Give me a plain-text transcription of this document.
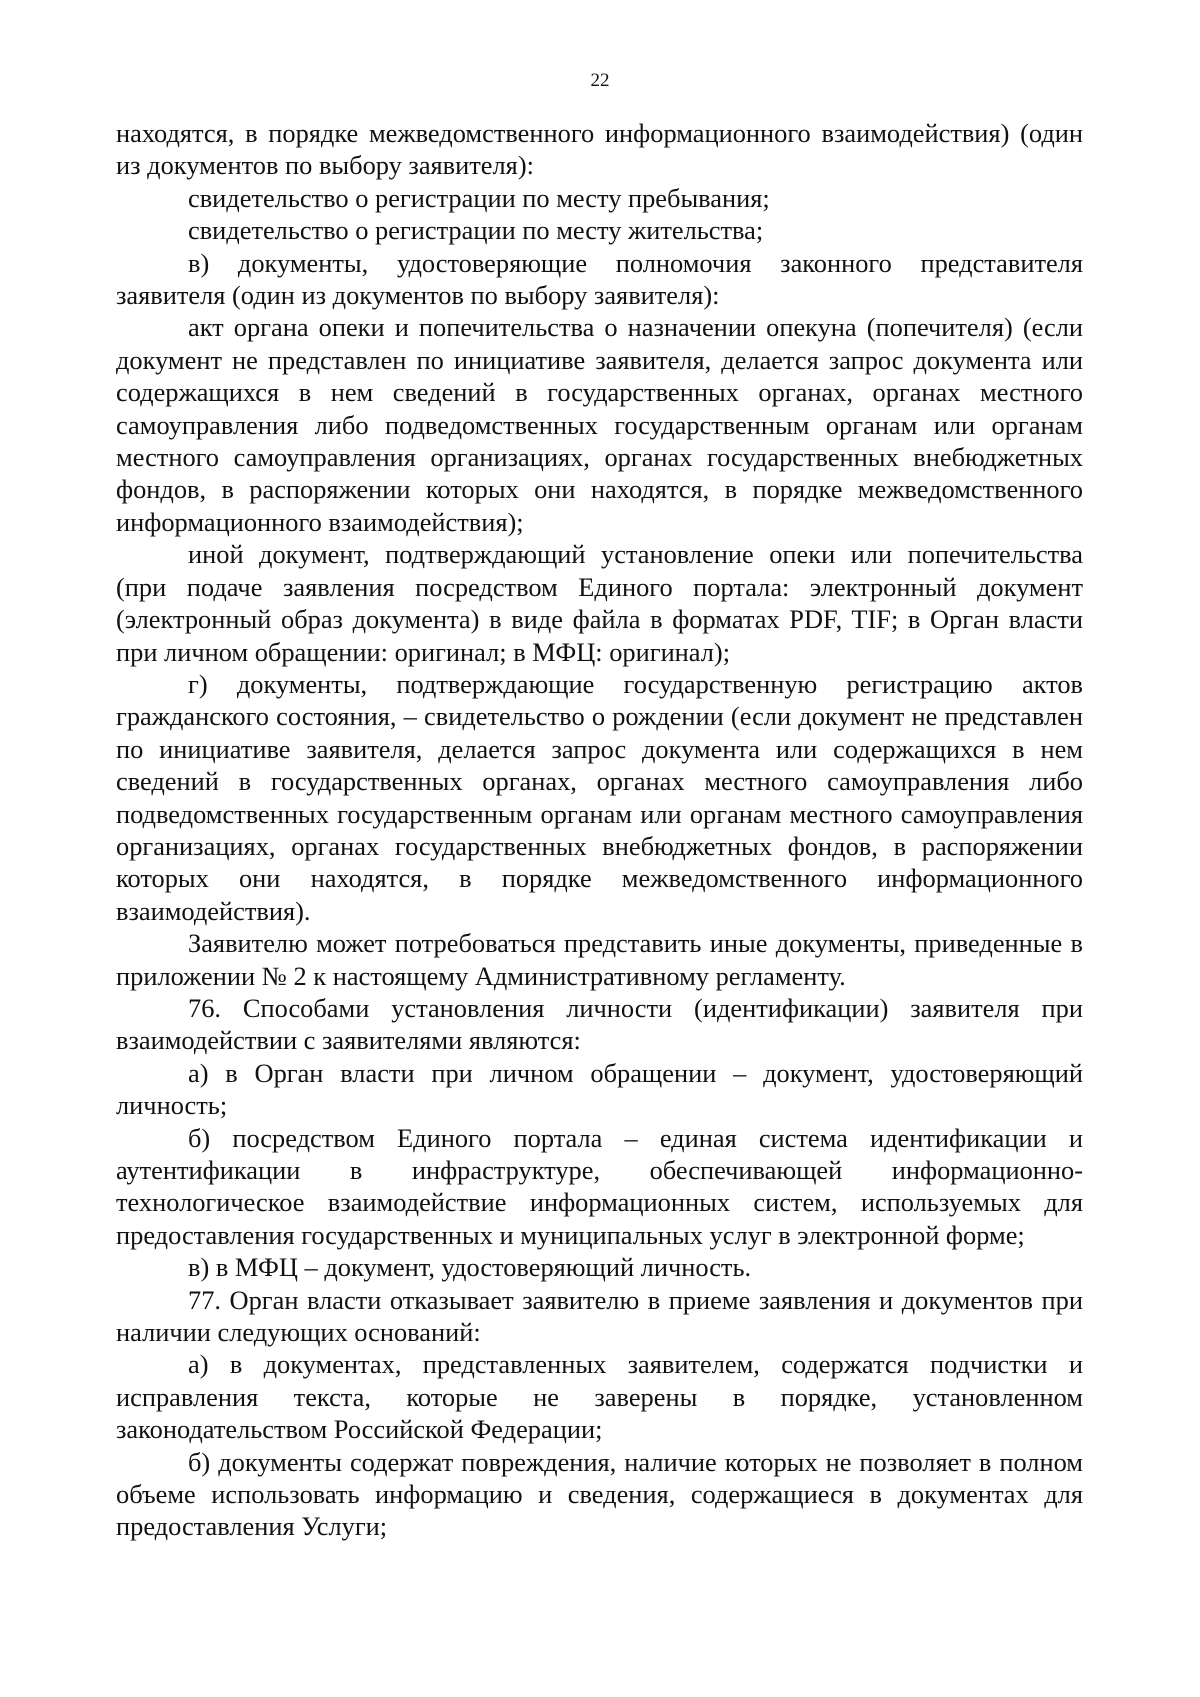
22

находятся, в порядке межведомственного информационного взаимодействия) (один из документов по выбору заявителя):

свидетельство о регистрации по месту пребывания;

свидетельство о регистрации по месту жительства;

в) документы, удостоверяющие полномочия законного представителя заявителя (один из документов по выбору заявителя):

акт органа опеки и попечительства о назначении опекуна (попечителя) (если документ не представлен по инициативе заявителя, делается запрос документа или содержащихся в нем сведений в государственных органах, органах местного самоуправления либо подведомственных государственным органам или органам местного самоуправления организациях, органах государственных внебюджетных фондов, в распоряжении которых они находятся, в порядке межведомственного информационного взаимодействия);

иной документ, подтверждающий установление опеки или попечительства (при подаче заявления посредством Единого портала: электронный документ (электронный образ документа) в виде файла в форматах PDF, TIF; в Орган власти при личном обращении: оригинал; в МФЦ: оригинал);

г) документы, подтверждающие государственную регистрацию актов гражданского состояния, – свидетельство о рождении (если документ не представлен по инициативе заявителя, делается запрос документа или содержащихся в нем сведений в государственных органах, органах местного самоуправления либо подведомственных государственным органам или органам местного самоуправления организациях, органах государственных внебюджетных фондов, в распоряжении которых они находятся, в порядке межведомственного информационного взаимодействия).

Заявителю может потребоваться представить иные документы, приведенные в приложении № 2 к настоящему Административному регламенту.

76. Способами установления личности (идентификации) заявителя при взаимодействии с заявителями являются:

а) в Орган власти при личном обращении – документ, удостоверяющий личность;

б) посредством Единого портала – единая система идентификации и аутентификации в инфраструктуре, обеспечивающей информационно-технологическое взаимодействие информационных систем, используемых для предоставления государственных и муниципальных услуг в электронной форме;

в) в МФЦ – документ, удостоверяющий личность.

77. Орган власти отказывает заявителю в приеме заявления и документов при наличии следующих оснований:

а) в документах, представленных заявителем, содержатся подчистки и исправления текста, которые не заверены в порядке, установленном законодательством Российской Федерации;

б) документы содержат повреждения, наличие которых не позволяет в полном объеме использовать информацию и сведения, содержащиеся в документах для предоставления Услуги;
